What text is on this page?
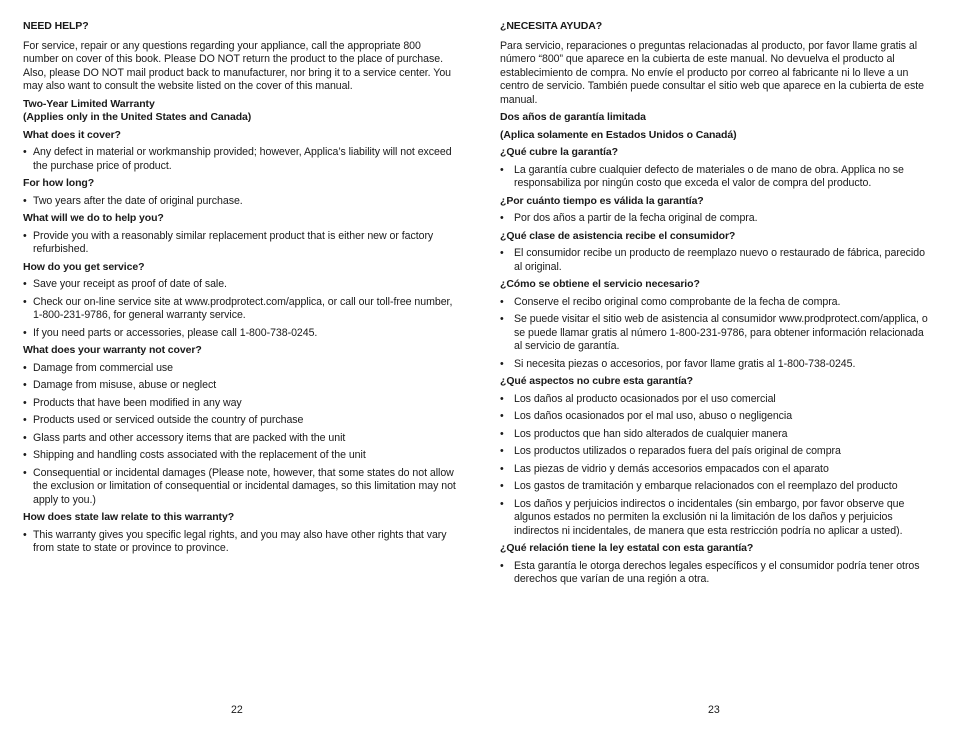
NEED HELP?

For service, repair or any questions regarding your appliance, call the appropriate 800 number on cover of this book. Please DO NOT return the product to the place of purchase. Also, please DO NOT mail product back to manufacturer, nor bring it to a service center. You may also want to consult the website listed on the cover of this manual.

Two-Year Limited Warranty

(Applies only in the United States and Canada)

What does it cover?

• Any defect in material or workmanship provided; however, Applica’s liability will not exceed the purchase price of product.

For how long?

• Two years after the date of original purchase.

What will we do to help you?

• Provide you with a reasonably similar replacement product that is either new or factory refurbished.

How do you get service?

• Save your receipt as proof of date of sale.

• Check our on-line service site at www.prodprotect.com/applica, or call our toll-free number, 1-800-231-9786, for general warranty service.

• If you need parts or accessories, please call 1-800-738-0245.

What does your warranty not cover?

• Damage from commercial use

• Damage from misuse, abuse or neglect

• Products that have been modified in any way

• Products used or serviced outside the country of purchase

• Glass parts and other accessory items that are packed with the unit

• Shipping and handling costs associated with the replacement of the unit

• Consequential or incidental damages (Please note, however, that some states do not allow the exclusion or limitation of consequential or incidental damages, so this limitation may not apply to you.)

How does state law relate to this warranty?

• This warranty gives you specific legal rights, and you may also have other rights that vary from state to state or province to province.

¿NECESITA AYUDA?

Para servicio, reparaciones o preguntas relacionadas al producto, por favor llame gratis al número “800” que aparece en la cubierta de este manual. No devuelva el producto al establecimiento de compra. No envíe el producto por correo al fabricante ni lo lleve a un centro de servicio. También puede consultar el sitio web que aparece en la cubierta de este manual.

Dos años de garantía limitada

(Aplica solamente en Estados Unidos o Canadá)

¿Qué cubre la garantía?

• La garantía cubre cualquier defecto de materiales o de mano de obra. Applica no se responsabiliza por ningún costo que exceda el valor de compra del producto.

¿Por cuánto tiempo es válida la garantía?

• Por dos años a partir de la fecha original de compra.

¿Qué clase de asistencia recibe el consumidor?

• El consumidor recibe un producto de reemplazo nuevo o restaurado de fábrica, parecido al original.

¿Cómo se obtiene el servicio necesario?

• Conserve el recibo original como comprobante de la fecha de compra.

• Se puede visitar el sitio web de asistencia al consumidor www.prodprotect.com/applica, o se puede llamar gratis al número 1-800-231-9786, para obtener información relacionada al servicio de garantía.

• Si necesita piezas o accesorios, por favor llame gratis al 1-800-738-0245.

¿Qué aspectos no cubre esta garantía?

• Los daños al producto ocasionados por el uso comercial

• Los daños ocasionados por el mal uso, abuso o negligencia

• Los productos que han sido alterados de cualquier manera

• Los productos utilizados o reparados fuera del país original de compra

• Las piezas de vidrio y demás accesorios empacados con el aparato

• Los gastos de tramitación y embarque relacionados con el reemplazo del producto

• Los daños y perjuicios indirectos o incidentales (sin embargo, por favor observe que algunos estados no permiten la exclusión ni la limitación de los daños y perjuicios indirectos ni incidentales, de manera que esta restricción podría no aplicar a usted).

¿Qué relación tiene la ley estatal con esta garantía?

• Esta garantía le otorga derechos legales específicos y el consumidor podría tener otros derechos que varían de una región a otra.

22	23
